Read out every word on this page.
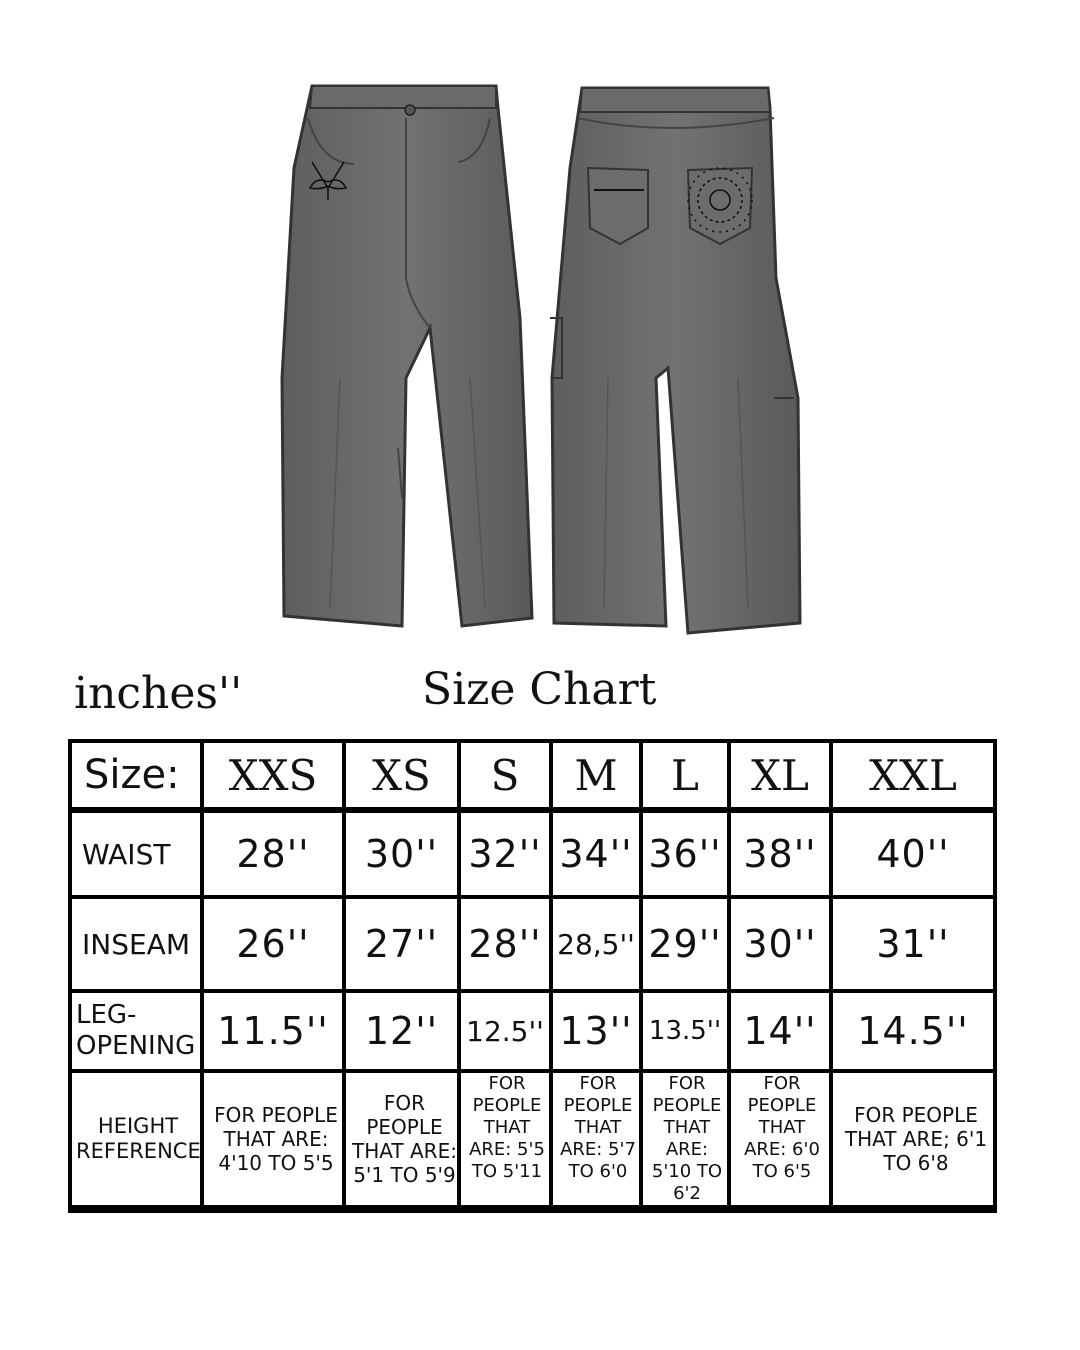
inches''	Size Chart
Size:	XXS	XS	S	M	L	XL	XXL
WAIST	28''	30''	32''	34''	36''	38''	40''
INSEAM	26''	27''	28''	28,5''	29''	30''	31''
LEG-OPENING	11.5''	12''	12.5''	13''	13.5''	14''	14.5''
HEIGHT REFERENCE	FOR PEOPLE THAT ARE: 4'10 TO 5'5	FOR PEOPLE THAT ARE: 5'1 TO 5'9	FOR PEOPLE THAT ARE: 5'5 TO 5'11	FOR PEOPLE THAT ARE: 5'7 TO 6'0	FOR PEOPLE THAT ARE: 5'10 TO 6'2	FOR PEOPLE THAT ARE: 6'0 TO 6'5	FOR PEOPLE THAT ARE; 6'1 TO 6'8
